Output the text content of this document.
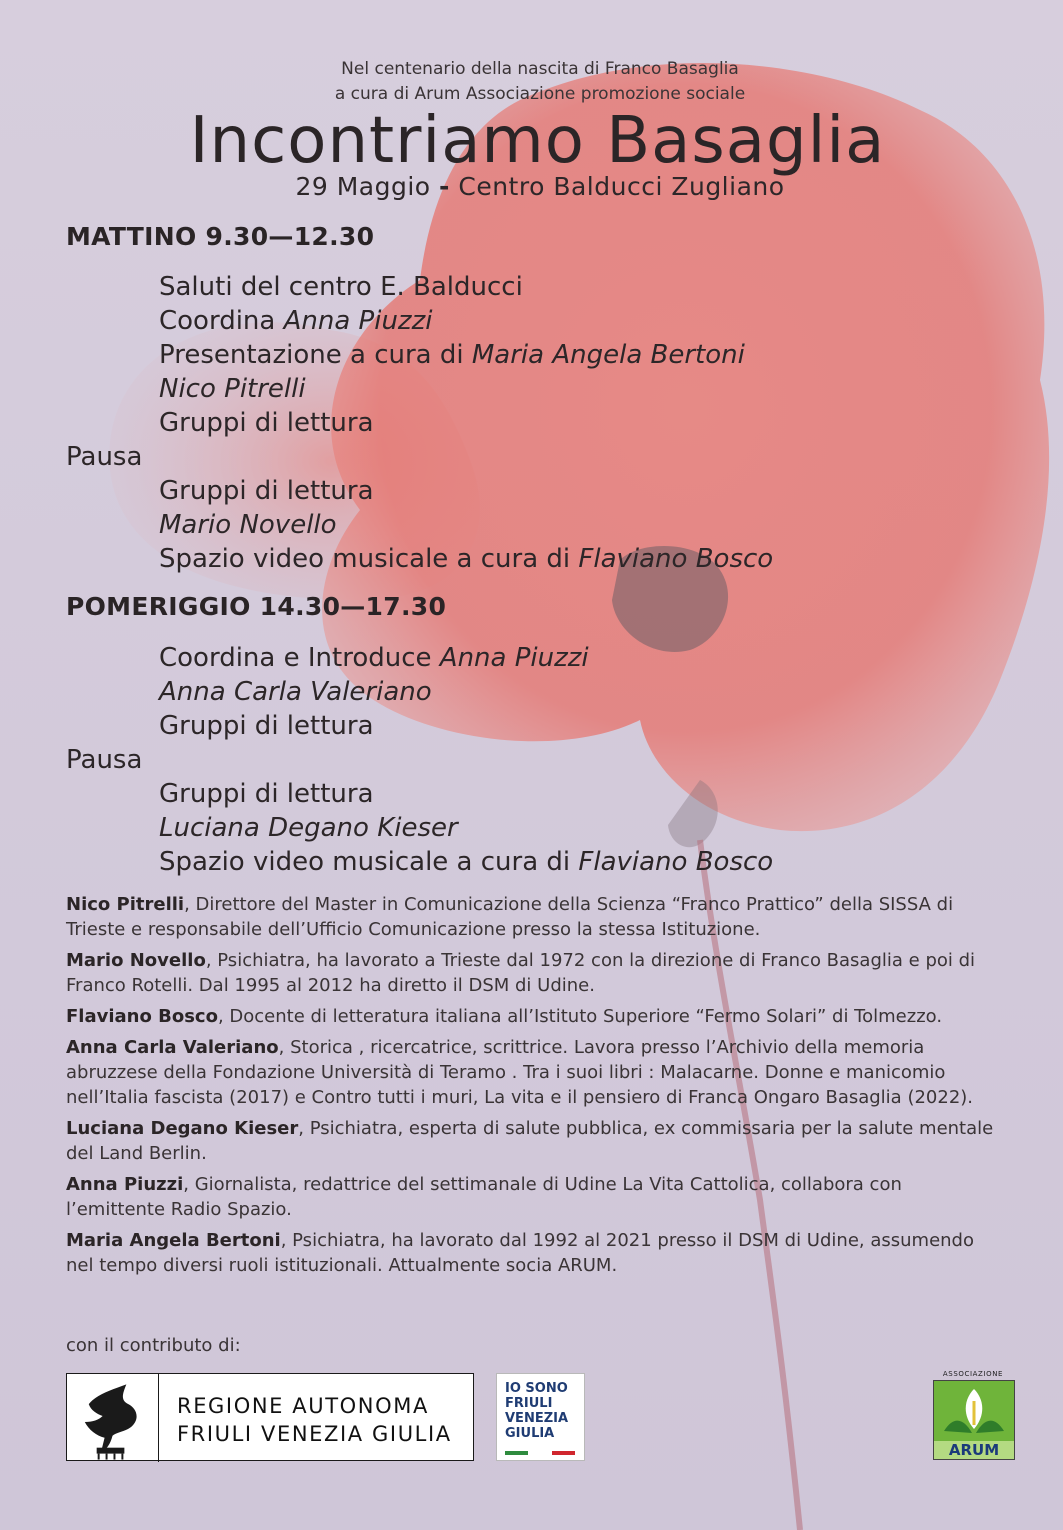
Nel centenario della nascita di Franco Basaglia
a cura di Arum Associazione promozione sociale
Incontriamo Basaglia
29 Maggio - Centro Balducci Zugliano
MATTINO 9.30—12.30
Saluti del centro E. Balducci
Coordina Anna Piuzzi
Presentazione a cura di Maria Angela Bertoni
Nico Pitrelli
Gruppi di lettura
Pausa
Gruppi di lettura
Mario Novello
Spazio video musicale a cura di Flaviano Bosco
POMERIGGIO 14.30—17.30
Coordina e Introduce Anna Piuzzi
Anna Carla Valeriano
Gruppi di lettura
Pausa
Gruppi di lettura
Luciana Degano Kieser
Spazio video musicale a cura di Flaviano Bosco
Nico Pitrelli, Direttore del Master in Comunicazione della Scienza “Franco Prattico” della SISSA di Trieste e responsabile dell’Ufficio Comunicazione presso la stessa Istituzione.
Mario Novello, Psichiatra, ha lavorato a Trieste dal 1972 con la direzione di Franco Basaglia e poi di Franco Rotelli. Dal 1995 al 2012 ha diretto il DSM di Udine.
Flaviano Bosco, Docente di letteratura italiana all’Istituto Superiore “Fermo Solari” di Tolmezzo.
Anna Carla Valeriano, Storica , ricercatrice, scrittrice. Lavora presso l’Archivio della memoria abruzzese della Fondazione Università di Teramo . Tra i suoi libri : Malacarne. Donne e manicomio nell’Italia fascista (2017) e Contro tutti i muri, La vita e il pensiero di Franca Ongaro Basaglia (2022).
Luciana Degano Kieser, Psichiatra, esperta di salute pubblica, ex commissaria per la salute mentale del Land Berlin.
Anna Piuzzi, Giornalista, redattrice del settimanale di Udine La Vita Cattolica, collabora con l’emittente Radio Spazio.
Maria Angela Bertoni, Psichiatra, ha lavorato dal 1992 al 2021 presso il DSM di Udine, assumendo nel tempo diversi ruoli istituzionali. Attualmente socia ARUM.
con il contributo di:
REGIONE AUTONOMA
FRIULI VENEZIA GIULIA
IO SONO
FRIULI
VENEZIA
GIULIA
ASSOCIAZIONE
ARUM
